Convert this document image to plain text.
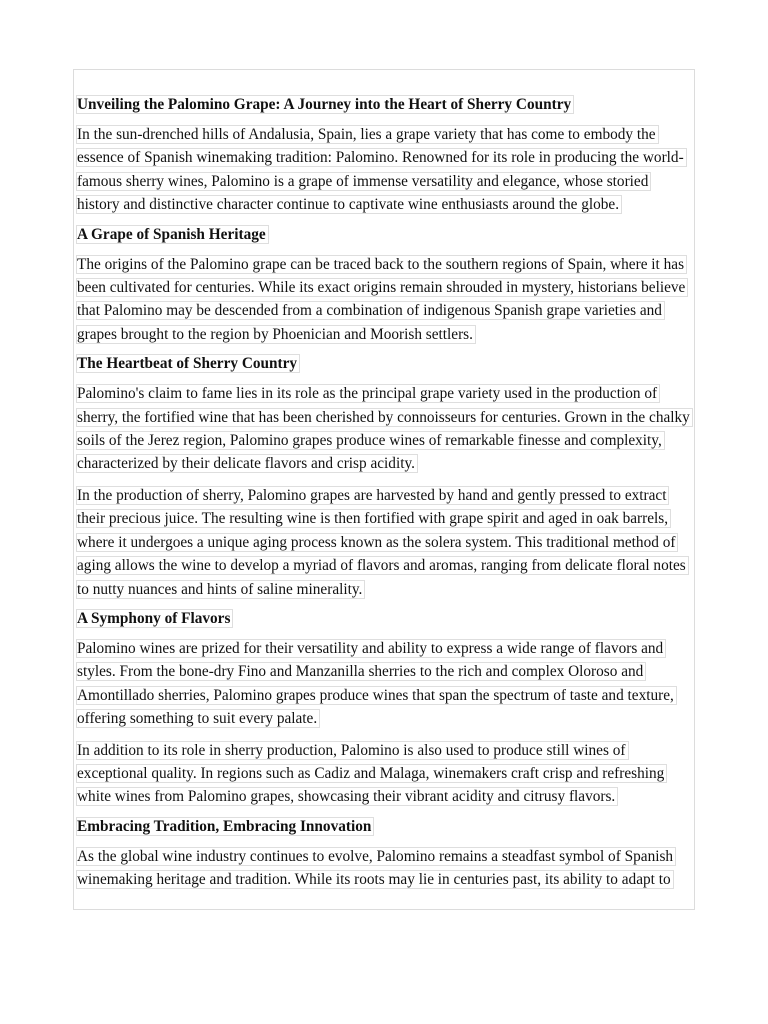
Unveiling the Palomino Grape: A Journey into the Heart of Sherry Country
In the sun-drenched hills of Andalusia, Spain, lies a grape variety that has come to embody the essence of Spanish winemaking tradition: Palomino. Renowned for its role in producing the world-famous sherry wines, Palomino is a grape of immense versatility and elegance, whose storied history and distinctive character continue to captivate wine enthusiasts around the globe.
A Grape of Spanish Heritage
The origins of the Palomino grape can be traced back to the southern regions of Spain, where it has been cultivated for centuries. While its exact origins remain shrouded in mystery, historians believe that Palomino may be descended from a combination of indigenous Spanish grape varieties and grapes brought to the region by Phoenician and Moorish settlers.
The Heartbeat of Sherry Country
Palomino's claim to fame lies in its role as the principal grape variety used in the production of sherry, the fortified wine that has been cherished by connoisseurs for centuries. Grown in the chalky soils of the Jerez region, Palomino grapes produce wines of remarkable finesse and complexity, characterized by their delicate flavors and crisp acidity.
In the production of sherry, Palomino grapes are harvested by hand and gently pressed to extract their precious juice. The resulting wine is then fortified with grape spirit and aged in oak barrels, where it undergoes a unique aging process known as the solera system. This traditional method of aging allows the wine to develop a myriad of flavors and aromas, ranging from delicate floral notes to nutty nuances and hints of saline minerality.
A Symphony of Flavors
Palomino wines are prized for their versatility and ability to express a wide range of flavors and styles. From the bone-dry Fino and Manzanilla sherries to the rich and complex Oloroso and Amontillado sherries, Palomino grapes produce wines that span the spectrum of taste and texture, offering something to suit every palate.
In addition to its role in sherry production, Palomino is also used to produce still wines of exceptional quality. In regions such as Cadiz and Malaga, winemakers craft crisp and refreshing white wines from Palomino grapes, showcasing their vibrant acidity and citrusy flavors.
Embracing Tradition, Embracing Innovation
As the global wine industry continues to evolve, Palomino remains a steadfast symbol of Spanish winemaking heritage and tradition. While its roots may lie in centuries past, its ability to adapt to
